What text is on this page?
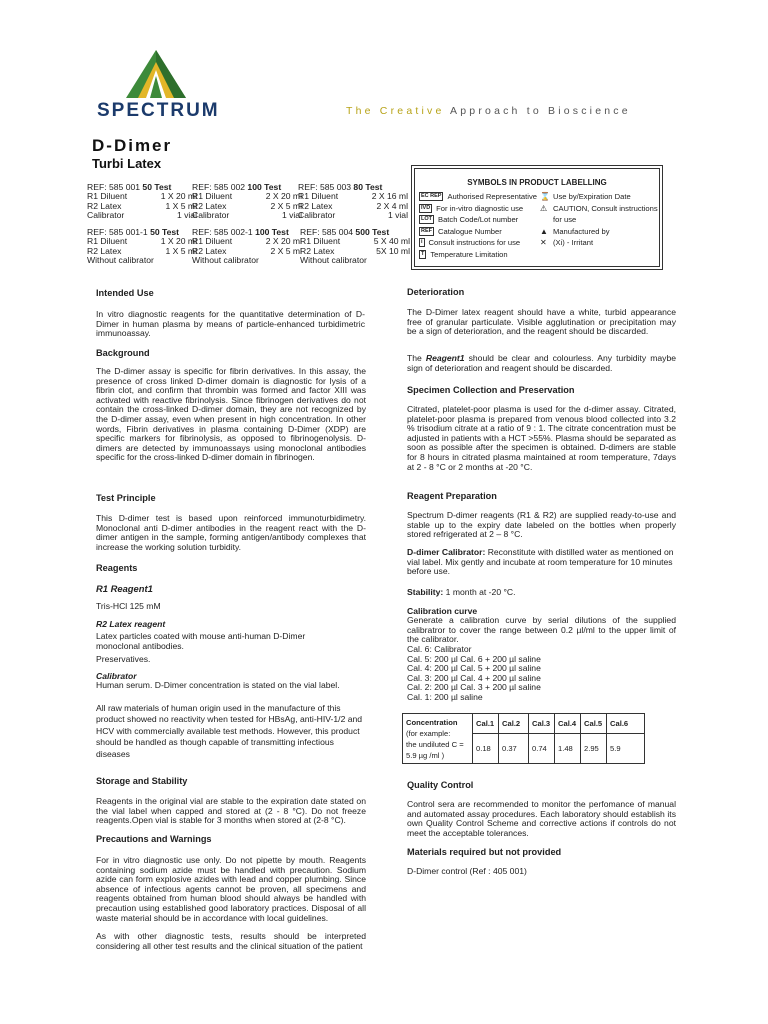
SPECTRUM	The Creative Approach to Bioscience
D-Dimer
Turbi Latex
REF: 585 001 50 Test
R1 Diluent	1 X 20 ml
R2 Latex	1 X 5 ml
Calibrator	1 vial
REF: 585 002 100 Test
R1 Diluent	2 X 20 ml
R2 Latex	2 X 5 ml
Calibrator	1 vial
REF: 585 003 80 Test
R1 Diluent	2 X 16 ml
R2 Latex	2 X 4 ml
Calibrator	1 vial
REF: 585 001-1 50 Test
R1 Diluent	1 X 20 ml
R2 Latex	1 X 5 ml
Without calibrator
REF: 585 002-1 100 Test
R1 Diluent	2 X 20 ml
R2 Latex	2 X 5 ml
Without calibrator
REF: 585 004 500 Test
R1 Diluent	5 X 40 ml
R2 Latex	5X 10 ml
Without calibrator
SYMBOLS IN PRODUCT LABELLING
EC REP Authorised Representative
IVD For in-vitro diagnostic use
LOT Batch Code/Lot number
REF Catalogue Number
i Consult instructions for use
T Temperature Limitation
⌛ Use by/Expiration Date
⚠ CAUTION, Consult instructions
for use
▲ Manufactured by
✕ (Xi) - Irritant
Intended Use
In vitro diagnostic reagents for the quantitative determination of D-Dimer in human plasma by means of particle-enhanced turbidimetric immunoassay.
Background
The D-dimer assay is specific for fibrin derivatives. In this assay, the presence of cross linked D-dimer domain is diagnostic for lysis of a fibrin clot, and confirm that thrombin was formed and factor XIII was activated with reactive fibrinolysis. Since fibrinogen derivatives do not contain the cross-linked D-dimer domain, they are not recognized by the D-dimer assay, even when present in high concentration. In other words, Fibrin derivatives in plasma containing D-Dimer (XDP) are specific markers for fibrinolysis, as opposed to fibrinogenolysis. D-dimers are detected by immunoassays using monoclonal antibodies specific for the cross-linked D-dimer domain in fibrinogen.
Test Principle
This D-dimer test is based upon reinforced immunoturbidimetry. Monoclonal anti D-dimer antibodies in the reagent react with the D-dimer antigen in the sample, forming antigen/antibody complexes that increase the working solution turbidity.
Reagents
R1 Reagent1
Tris-HCl 125 mM
R2 Latex reagent
Latex particles coated with mouse anti-human D-Dimer monoclonal antibodies.
Preservatives.
Calibrator
Human serum. D-Dimer concentration is stated on the vial label.
All raw materials of human origin used in the manufacture of this product showed no reactivity when tested for HBsAg, anti-HIV-1/2 and HCV with commercially available test methods. However, this product should be handled as though capable of transmitting infectious diseases
Storage and Stability
Reagents in the original vial are stable to the expiration date stated on the vial label when capped and stored at (2 - 8 °C). Do not freeze reagents.Open vial is stable for 3 months when stored at (2-8 °C).
Precautions and Warnings
For in vitro diagnostic use only. Do not pipette by mouth. Reagents containing sodium azide must be handled with precaution. Sodium azide can form explosive azides with lead and copper plumbing. Since absence of infectious agents cannot be proven, all specimens and reagents obtained from human blood should always be handled with precaution using established good laboratory practices. Disposal of all waste material should be in accordance with local guidelines.
As with other diagnostic tests, results should be interpreted considering all other test results and the clinical situation of the patient
Deterioration
The D-Dimer latex reagent should have a white, turbid appearance free of granular particulate. Visible agglutination or precipitation may be a sign of deterioration, and the reagent should be discarded.
The Reagent1 should be clear and colourless. Any turbidity maybe sign of deterioration and reagent should be discarded.
Specimen Collection and Preservation
Citrated, platelet-poor plasma is used for the d-dimer assay. Citrated, platelet-poor plasma is prepared from venous blood collected into 3.2 % trisodium citrate at a ratio of 9 : 1. The citrate concentration must be adjusted in patients with a HCT >55%. Plasma should be separated as soon as possible after the specimen is obtained. D-dimers are stable for 8 hours in citrated plasma maintained at room temperature, 7days at 2 - 8 °C or 2 months at -20 °C.
Reagent Preparation
Spectrum D-dimer reagents (R1 & R2) are supplied ready-to-use and stable up to the expiry date labeled on the bottles when properly stored refrigerated at 2 – 8 °C.
D-dimer Calibrator: Reconstitute with distilled water as mentioned on vial label. Mix gently and incubate at room temperature for 10 minutes before use.
Stability: 1 month at -20 °C.
Calibration curve
Generate a calibration curve by serial dilutions of the supplied calibratror to cover the range between 0.2 µl/ml to the upper limit of the calibrator.
Cal. 6: Calibrator
Cal. 5: 200 µl Cal. 6 + 200 µl saline
Cal. 4: 200 µl Cal. 5 + 200 µl saline
Cal. 3: 200 µl Cal. 4 + 200 µl saline
Cal. 2: 200 µl Cal. 3 + 200 µl saline
Cal. 1: 200 µl saline
Concentration
(for example:
the undiluted C =
5.9 µg /ml )	Cal.1	Cal.2	Cal.3	Cal.4	Cal.5	Cal.6
	0.18	0.37	0.74	1.48	2.95	5.9
Quality Control
Control sera are recommended to monitor the perfomance of manual and automated assay procedures. Each laboratory should establish its own Quality Control Scheme and corrective actions if controls do not meet the acceptable tolerances.
Materials required but not provided
D-Dimer control (Ref : 405 001)
